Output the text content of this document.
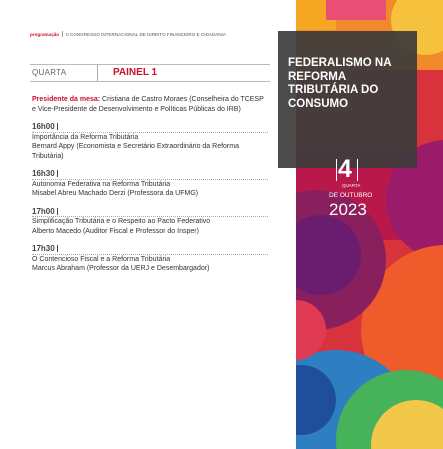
programação II CONGRESSO INTERNACIONAL DE DIREITO FINANCEIRO E CIDADANIA
QUARTA	PAINEL 1
Presidente da mesa: Cristiana de Castro Moraes (Conselheira do TCESP e Vice-Presidente de Desenvolvimento e Políticas Públicas do IRB)
16h00
Importância da Reforma Tributária
Bernard Appy (Economista e Secretário Extraordinário da Reforma Tributária)
16h30
Autonomia Federativa na Reforma Tributária
Misabel Abreu Machado Derzi (Professora da UFMG)
17h00
Simplificação Tributária e o Respeito ao Pacto Federativo
Alberto Macedo (Auditor Fiscal e Professor do Insper)
17h30
O Contencioso Fiscal e a Reforma Tributária
Marcus Abraham (Professor da UERJ e Desembargador)
FEDERALISMO NA REFORMA TRIBUTÁRIA DO CONSUMO
4
QUARTA
DE OUTUBRO
2023
